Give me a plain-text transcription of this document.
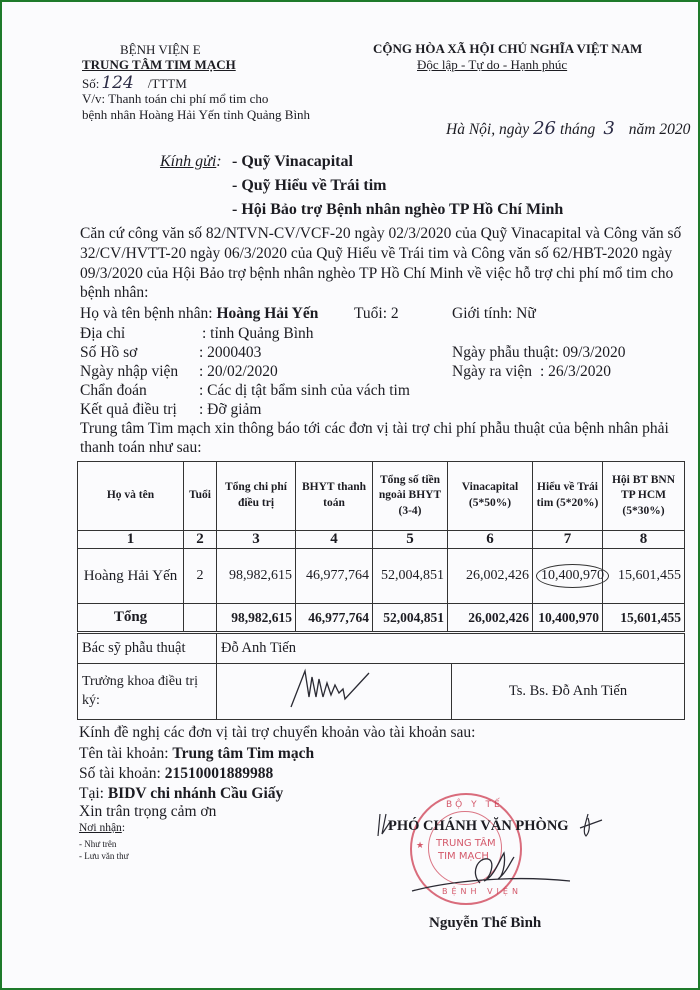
BỆNH VIỆN E
TRUNG TÂM TIM MẠCH
Số: 124 /TTTM
V/v: Thanh toán chi phí mổ tim cho
bệnh nhân Hoàng Hải Yến tỉnh Quảng Bình
CỘNG HÒA XÃ HỘI CHỦ NGHĨA VIỆT NAM
Độc lập - Tự do - Hạnh phúc
Hà Nội, ngày 26 tháng 3 năm 2020
Kính gửi: - Quỹ Vinacapital
- Quỹ Hiểu về Trái tim
- Hội Bảo trợ Bệnh nhân nghèo TP Hồ Chí Minh
Căn cứ công văn số 82/NTVN-CV/VCF-20 ngày 02/3/2020 của Quỹ Vinacapital và Công văn số
32/CV/HVTT-20 ngày 06/3/2020 của Quỹ Hiểu về Trái tim và Công văn số 62/HBT-2020 ngày
09/3/2020 của Hội Bảo trợ bệnh nhân nghèo TP Hồ Chí Minh về việc hỗ trợ chi phí mổ tim cho
bệnh nhân:
Họ và tên bệnh nhân: Hoàng Hải Yến Tuổi: 2	Giới tính: Nữ
Địa chỉ	: tỉnh Quảng Bình
Số Hồ sơ	: 2000403	Ngày phẫu thuật: 09/3/2020
Ngày nhập viện : 20/02/2020	Ngày ra viện : 26/3/2020
Chẩn đoán	: Các dị tật bẩm sinh của vách tim
Kết quả điều trị : Đỡ giảm
Trung tâm Tim mạch xin thông báo tới các đơn vị tài trợ chi phí phẫu thuật của bệnh nhân phải
thanh toán như sau:
Họ và tên	Tuổi	Tổng chi phí điều trị	BHYT thanh toán	Tổng số tiền ngoài BHYT (3-4)	Vinacapital (5*50%)	Hiểu về Trái tim (5*20%)	Hội BT BNN TP HCM (5*30%)
1	2	3	4	5	6	7	8
Hoàng Hải Yến	2	98,982,615	46,977,764	52,004,851	26,002,426	10,400,970	15,601,455
Tổng		98,982,615	46,977,764	52,004,851	26,002,426	10,400,970	15,601,455
Bác sỹ phẫu thuật	Đỗ Anh Tiến	

Trưởng khoa điều trị
ký:		Ts. Bs. Đỗ Anh Tiến
Kính đề nghị các đơn vị tài trợ chuyển khoản vào tài khoản sau:
Tên tài khoản: Trung tâm Tim mạch
Số tài khoản: 21510001889988
Tại: BIDV chi nhánh Cầu Giấy
Xin trân trọng cảm ơn
Nơi nhận:
- Như trên
- Lưu văn thư
BỘ Y TẾ
TRUNG TÂM
TIM MẠCH
★
BỆNH VIỆN
PHÓ CHÁNH VĂN PHÒNG
Nguyễn Thế Bình
